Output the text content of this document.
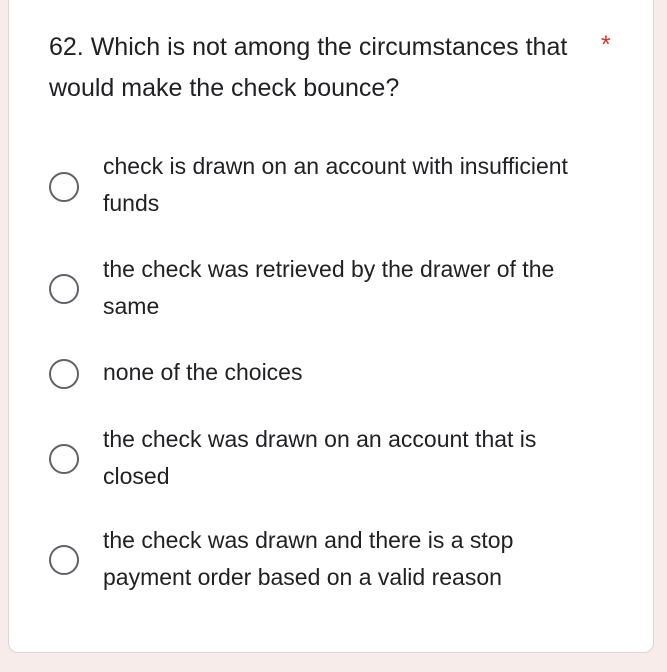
62. Which is not among the circumstances that would make the check bounce?
*
check is drawn on an account with insufficient funds
the check was retrieved by the drawer of the same
none of the choices
the check was drawn on an account that is closed
the check was drawn and there is a stop payment order based on a valid reason
